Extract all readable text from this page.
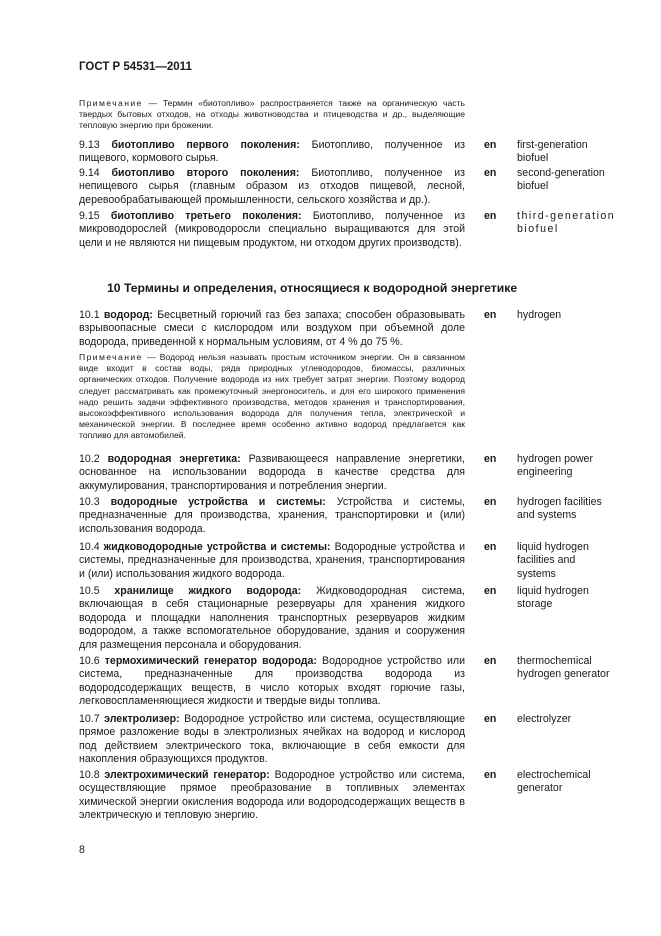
ГОСТ Р 54531—2011
Примечание — Термин «биотопливо» распространяется также на органическую часть твердых бытовых отходов, на отходы животноводства и птицеводства и др., выделяющие тепловую энергию при брожении.
9.13 биотопливо первого поколения: Биотопливо, полученное из пищевого, кормового сырья.
en first-generation biofuel
9.14 биотопливо второго поколения: Биотопливо, полученное из непищевого сырья (главным образом из отходов пищевой, лесной, деревообрабатывающей промышленности, сельского хозяйства и др.).
en second-generation biofuel
9.15 биотопливо третьего поколения: Биотопливо, полученное из микроводорослей (микроводоросли специально выращиваются для этой цели и не являются ни пищевым продуктом, ни отходом других производств).
en third-generation biofuel
10 Термины и определения, относящиеся к водородной энергетике
10.1 водород: Бесцветный горючий газ без запаха; способен образовывать взрывоопасные смеси с кислородом или воздухом при объемной доле водорода, приведенной к нормальным условиям, от 4 % до 75 %.
en hydrogen
Примечание — Водород нельзя называть простым источником энергии. Он в связанном виде входит в состав воды, ряда природных углеводородов, биомассы, различных органических отходов. Получение водорода из них требует затрат энергии. Поэтому водород следует рассматривать как промежуточный энергоноситель, и для его широкого применения надо решить задачи эффективного производства, методов хранения и транспортирования, высокоэффективного использования водорода для получения тепла, электрической и механической энергии. В последнее время особенно активно водород предлагается как топливо для автомобилей.
10.2 водородная энергетика: Развивающееся направление энергетики, основанное на использовании водорода в качестве средства для аккумулирования, транспортирования и потребления энергии.
en hydrogen power engineering
10.3 водородные устройства и системы: Устройства и системы, предназначенные для производства, хранения, транспортировки и (или) использования водорода.
en hydrogen facilities and systems
10.4 жидководородные устройства и системы: Водородные устройства и системы, предназначенные для производства, хранения, транспортирования и (или) использования жидкого водорода.
en liquid hydrogen facilities and systems
10.5 хранилище жидкого водорода: Жидководородная система, включающая в себя стационарные резервуары для хранения жидкого водорода и площадки наполнения транспортных резервуаров жидким водородом, а также вспомогательное оборудование, здания и сооружения для размещения персонала и оборудования.
en liquid hydrogen storage
10.6 термохимический генератор водорода: Водородное устройство или система, предназначенные для производства водорода из водородсодержащих веществ, в число которых входят горючие газы, легковоспламеняющиеся жидкости и твердые виды топлива.
en thermochemical hydrogen generator
10.7 электролизер: Водородное устройство или система, осуществляющие прямое разложение воды в электролизных ячейках на водород и кислород под действием электрического тока, включающие в себя емкости для накопления образующихся продуктов.
en electrolyzer
10.8 электрохимический генератор: Водородное устройство или система, осуществляющие прямое преобразование в топливных элементах химической энергии окисления водорода или водородсодержащих веществ в электрическую и тепловую энергию.
en electrochemical generator
8
